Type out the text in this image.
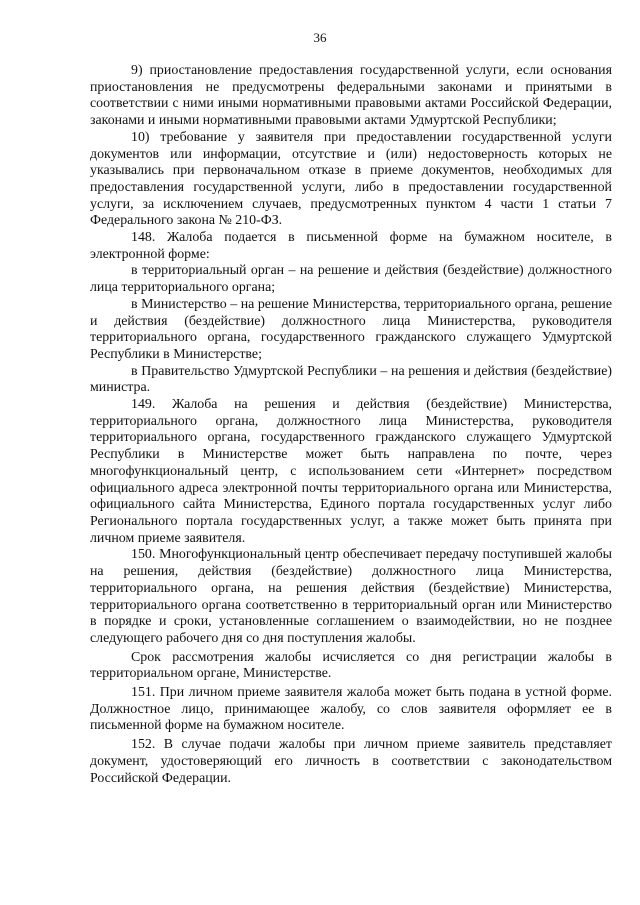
36

9) приостановление предоставления государственной услуги, если основания приостановления не предусмотрены федеральными законами и принятыми в соответствии с ними иными нормативными правовыми актами Российской Федерации, законами и иными нормативными правовыми актами Удмуртской Республики;

10) требование у заявителя при предоставлении государственной услуги документов или информации, отсутствие и (или) недостоверность которых не указывались при первоначальном отказе в приеме документов, необходимых для предоставления государственной услуги, либо в предоставлении государственной услуги, за исключением случаев, предусмотренных пунктом 4 части 1 статьи 7 Федерального закона № 210-ФЗ.

148. Жалоба подается в письменной форме на бумажном носителе, в электронной форме:

в территориальный орган – на решение и действия (бездействие) должностного лица территориального органа;

в Министерство – на решение Министерства, территориального органа, решение и действия (бездействие) должностного лица Министерства, руководителя территориального органа, государственного гражданского служащего Удмуртской Республики в Министерстве;

в Правительство Удмуртской Республики – на решения и действия (бездействие) министра.

149. Жалоба на решения и действия (бездействие) Министерства, территориального органа, должностного лица Министерства, руководителя территориального органа, государственного гражданского служащего Удмуртской Республики в Министерстве может быть направлена по почте, через многофункциональный центр, с использованием сети «Интернет» посредством официального адреса электронной почты территориального органа или Министерства, официального сайта Министерства, Единого портала государственных услуг либо Регионального портала государственных услуг, а также может быть принята при личном приеме заявителя.

150. Многофункциональный центр обеспечивает передачу поступившей жалобы на решения, действия (бездействие) должностного лица Министерства, территориального органа, на решения действия (бездействие) Министерства, территориального органа соответственно в территориальный орган или Министерство в порядке и сроки, установленные соглашением о взаимодействии, но не позднее следующего рабочего дня со дня поступления жалобы.

Срок рассмотрения жалобы исчисляется со дня регистрации жалобы в территориальном органе, Министерстве.

151. При личном приеме заявителя жалоба может быть подана в устной форме. Должностное лицо, принимающее жалобу, со слов заявителя оформляет ее в письменной форме на бумажном носителе.

152. В случае подачи жалобы при личном приеме заявитель представляет документ, удостоверяющий его личность в соответствии с законодательством Российской Федерации.
